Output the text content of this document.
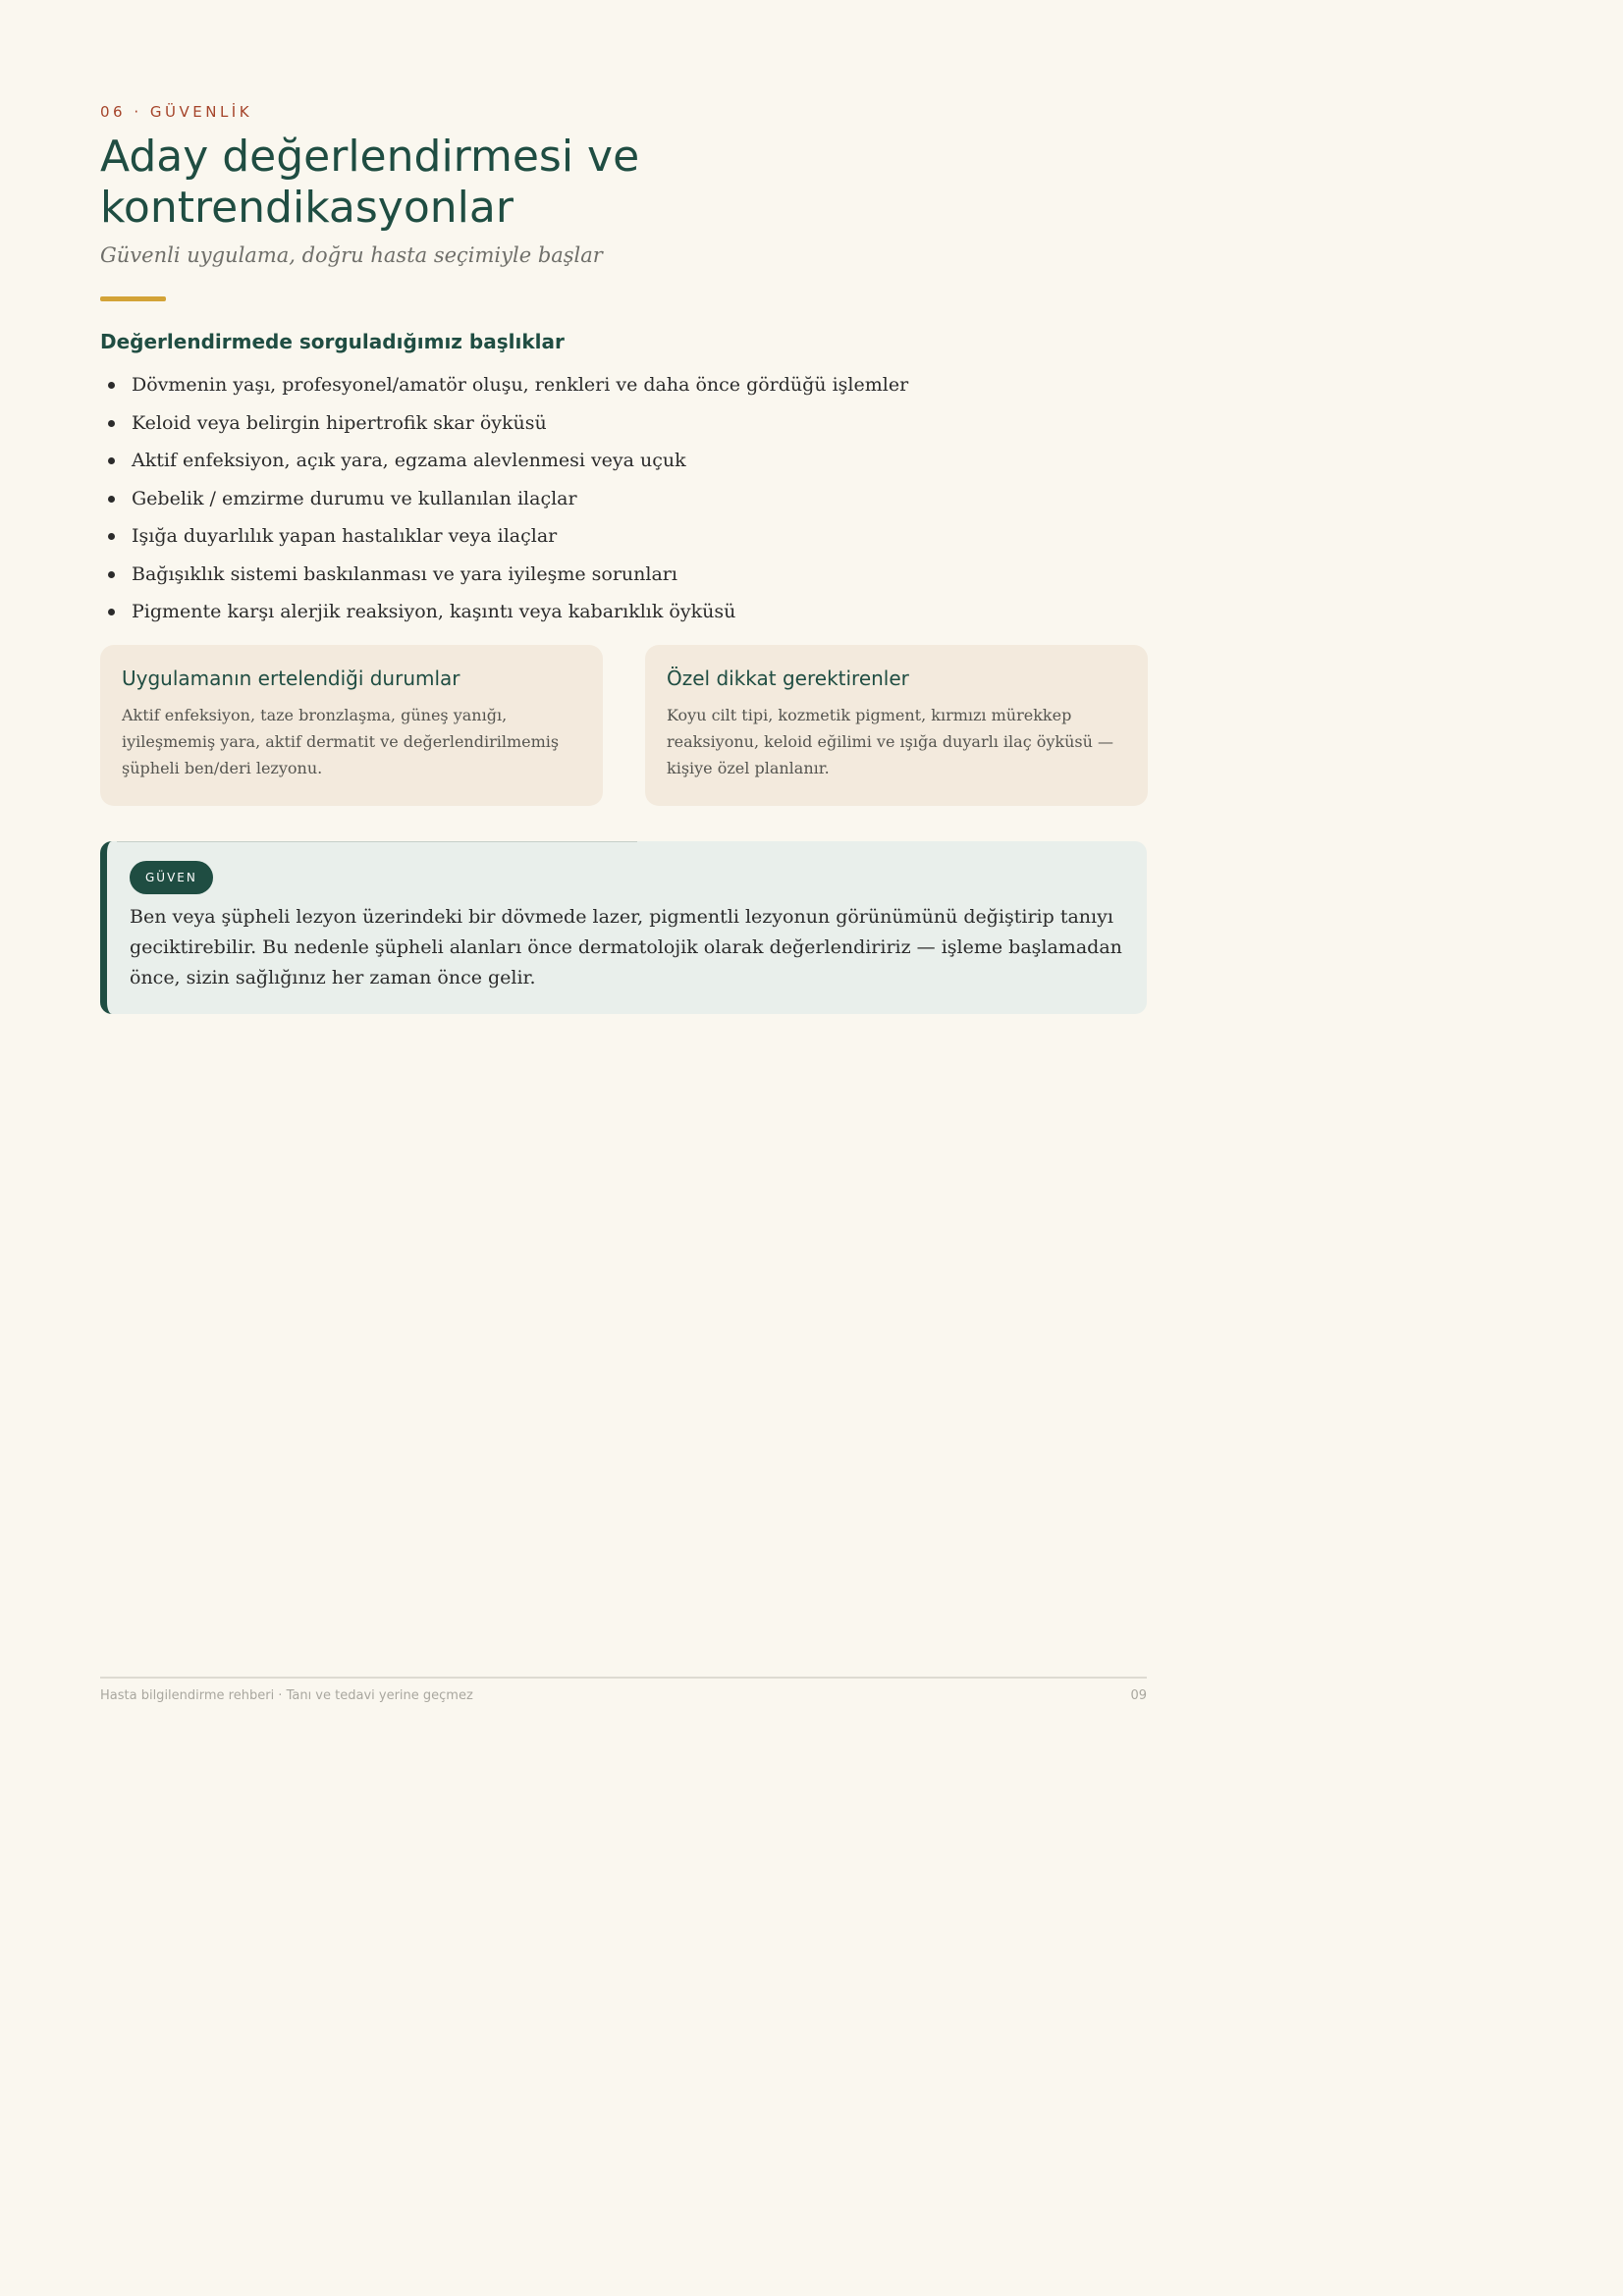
06 · GÜVENLİK
Aday değerlendirmesi ve kontrendikasyonlar
Güvenli uygulama, doğru hasta seçimiyle başlar
Değerlendirmede sorguladığımız başlıklar
Dövmenin yaşı, profesyonel/amatör oluşu, renkleri ve daha önce gördüğü işlemler
Keloid veya belirgin hipertrofik skar öyküsü
Aktif enfeksiyon, açık yara, egzama alevlenmesi veya uçuk
Gebelik / emzirme durumu ve kullanılan ilaçlar
Işığa duyarlılık yapan hastalıklar veya ilaçlar
Bağışıklık sistemi baskılanması ve yara iyileşme sorunları
Pigmente karşı alerjik reaksiyon, kaşıntı veya kabarıklık öyküsü
Uygulamanın ertelendiği durumlar

Aktif enfeksiyon, taze bronzlaşma, güneş yanığı, iyileşmemiş yara, aktif dermatit ve değerlendirilmemiş şüpheli ben/deri lezyonu.

Özel dikkat gerektirenler

Koyu cilt tipi, kozmetik pigment, kırmızı mürekkep reaksiyonu, keloid eğilimi ve ışığa duyarlı ilaç öyküsü — kişiye özel planlanır.

GÜVEN

Ben veya şüpheli lezyon üzerindeki bir dövmede lazer, pigmentli lezyonun görünümünü değiştirip tanıyı geciktirebilir. Bu nedenle şüpheli alanları önce dermatolojik olarak değerlendiririz — işleme başlamadan önce, sizin sağlığınız her zaman önce gelir.

Hasta bilgilendirme rehberi · Tanı ve tedavi yerine geçmez	09
